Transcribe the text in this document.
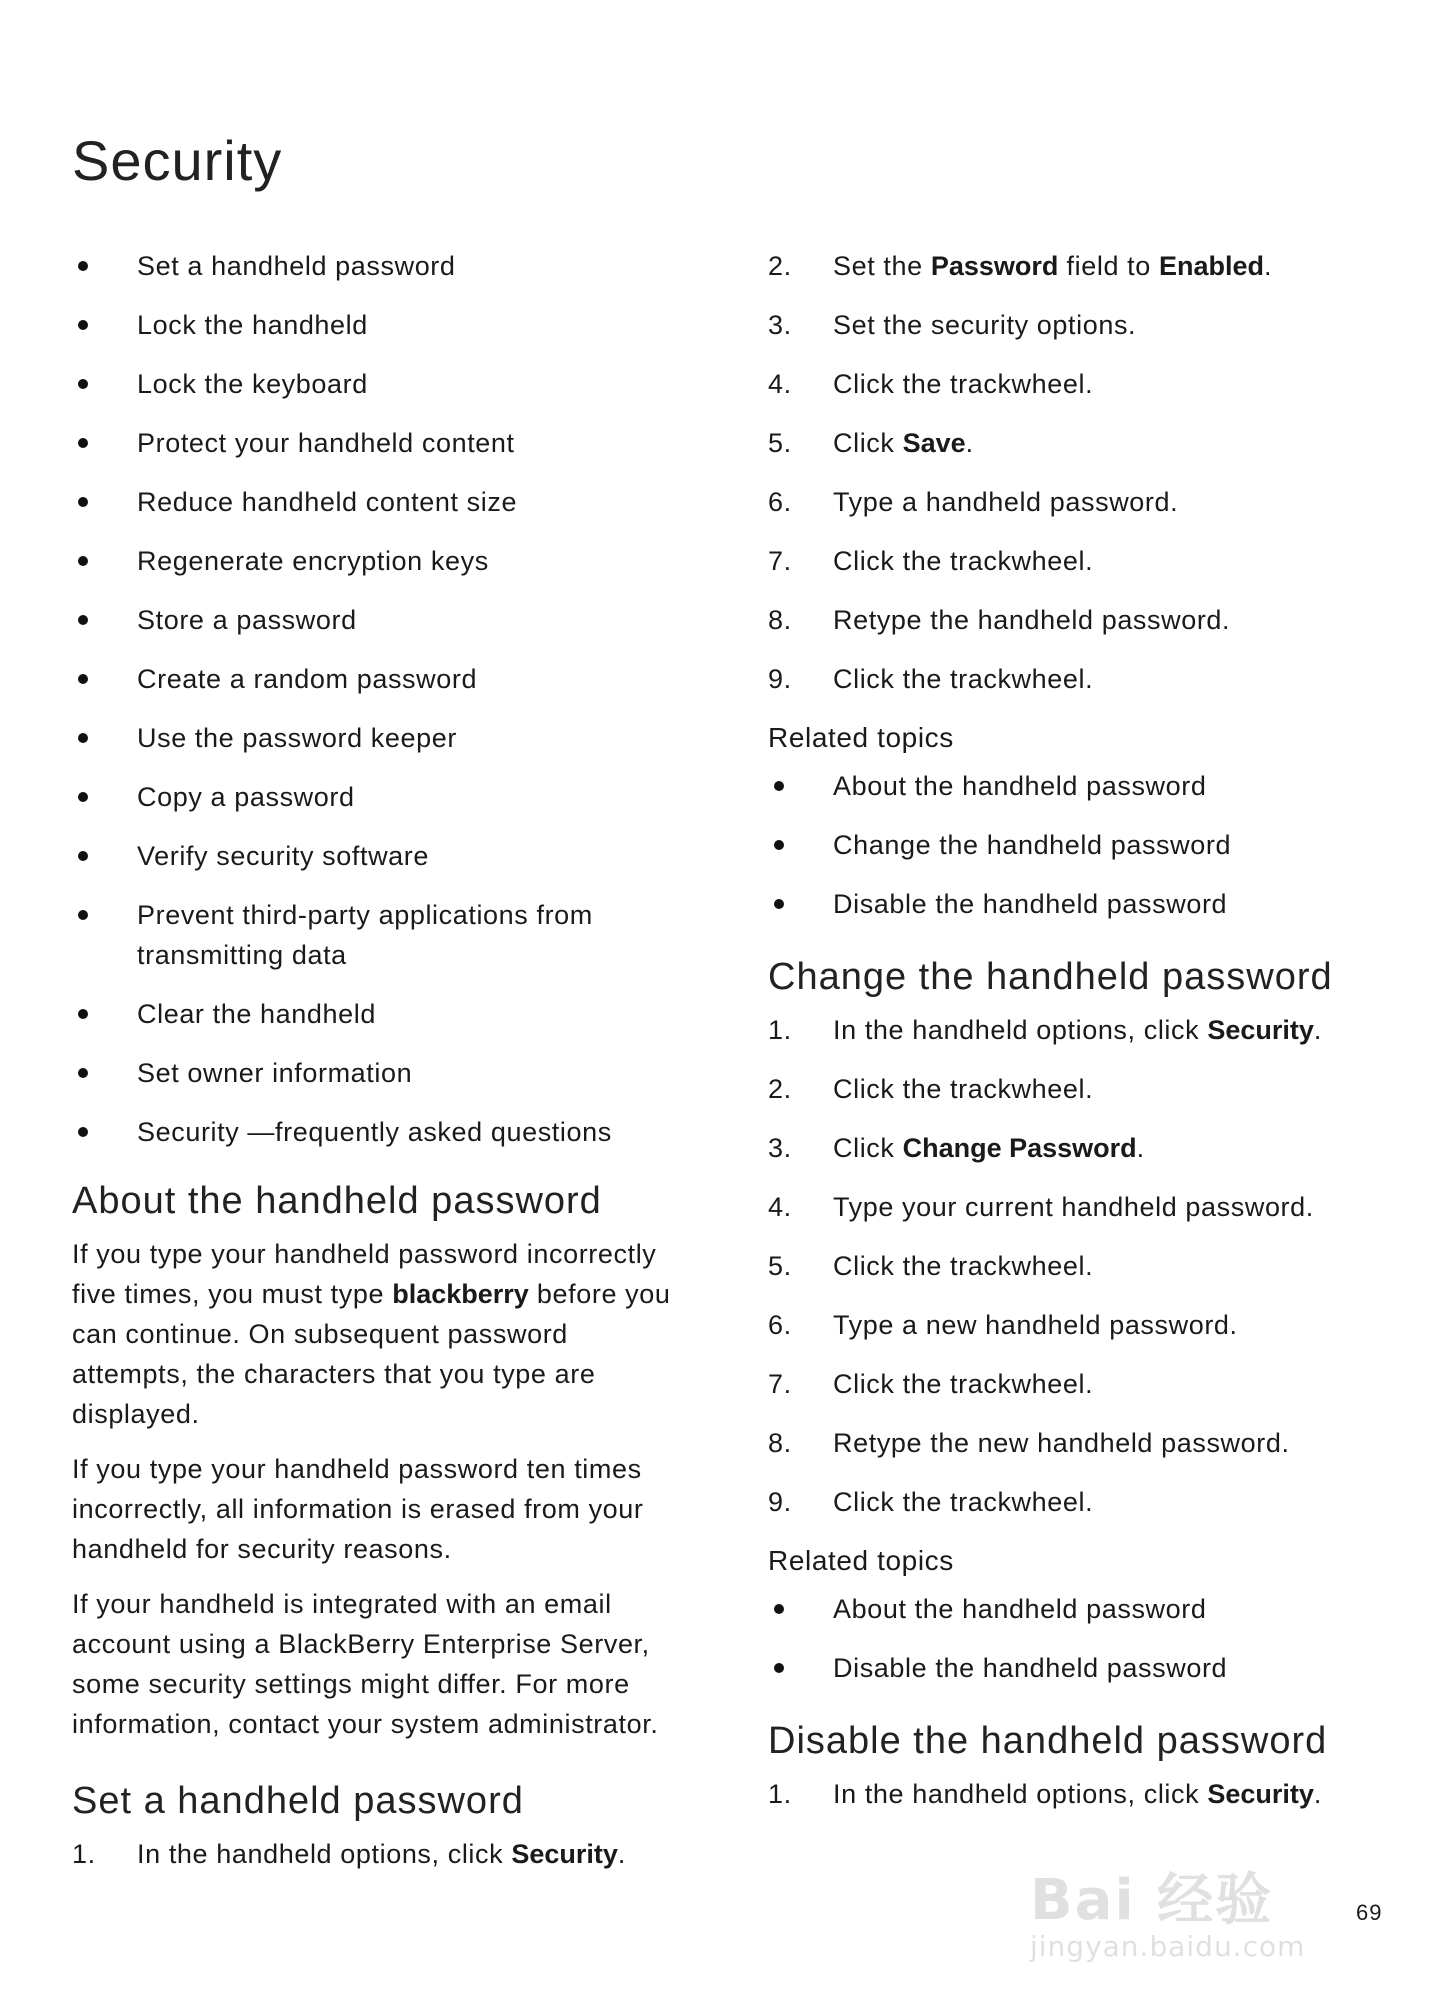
Security
Set a handheld password
Lock the handheld
Lock the keyboard
Protect your handheld content
Reduce handheld content size
Regenerate encryption keys
Store a password
Create a random password
Use the password keeper
Copy a password
Verify security software
Prevent third-party applications from transmitting data
Clear the handheld
Set owner information
Security —frequently asked questions
About the handheld password

If you type your handheld password incorrectly five times, you must type blackberry before you can continue. On subsequent password attempts, the characters that you type are displayed.

If you type your handheld password ten times incorrectly, all information is erased from your handheld for security reasons.

If your handheld is integrated with an email account using a BlackBerry Enterprise Server, some security settings might differ. For more information, contact your system administrator.

Set a handheld password
1.	In the handheld options, click Security.
2.	Set the Password field to Enabled.
3.	Set the security options.
4.	Click the trackwheel.
5.	Click Save.
6.	Type a handheld password.
7.	Click the trackwheel.
8.	Retype the handheld password.
9.	Click the trackwheel.
Related topics
About the handheld password
Change the handheld password
Disable the handheld password
Change the handheld password
1.	In the handheld options, click Security.
2.	Click the trackwheel.
3.	Click Change Password.
4.	Type your current handheld password.
5.	Click the trackwheel.
6.	Type a new handheld password.
7.	Click the trackwheel.
8.	Retype the new handheld password.
9.	Click the trackwheel.
Related topics
About the handheld password
Disable the handheld password
Disable the handheld password
1.	In the handheld options, click Security.
Bai 经验
jingyan.baidu.com
69
